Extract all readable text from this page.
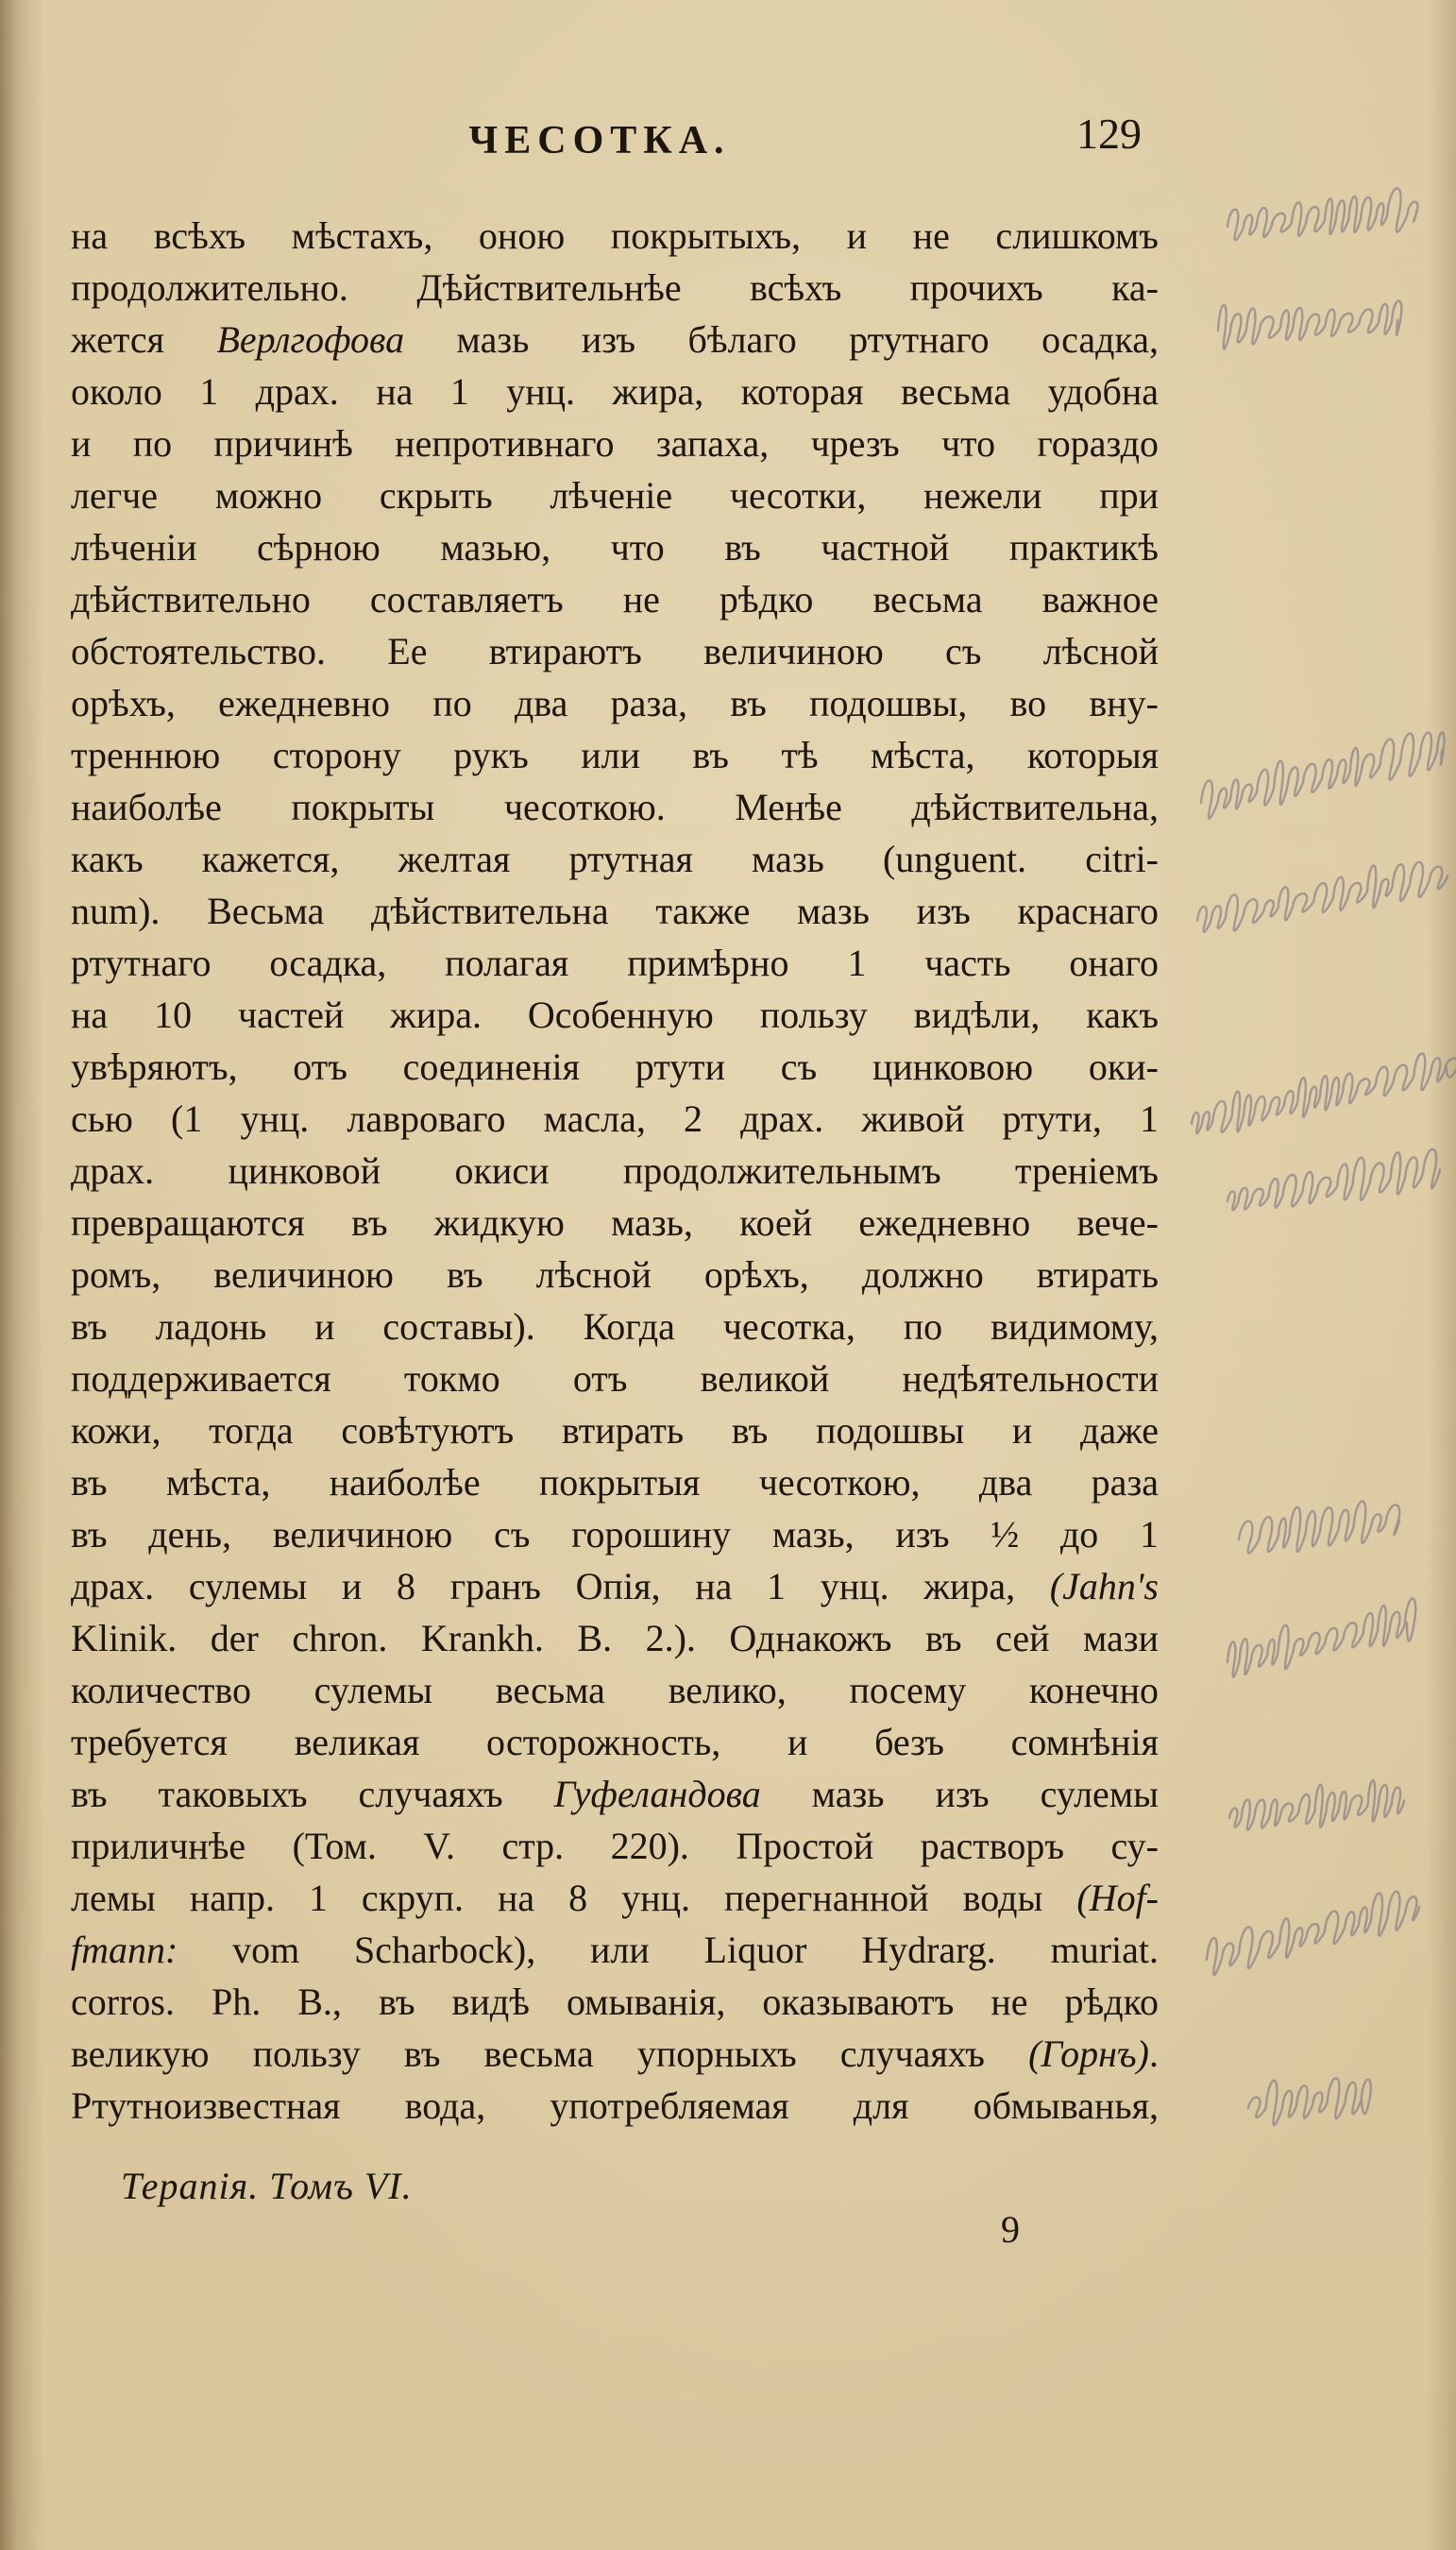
ЧЕСОТКА.	129
на всѣхъ мѣстахъ, оною покрытыхъ, и не слишкомъ
продолжительно. Дѣйствительнѣе всѣхъ прочихъ ка-
жется Верлгофова мазь изъ бѣлаго ртутнаго осадка,
около 1 драх. на 1 унц. жира, которая весьма удобна
и по причинѣ непротивнаго запаха, чрезъ что гораздо
легче можно скрыть лѣченіе чесотки, нежели при
лѣченіи сѣрною мазью, что въ частной практикѣ
дѣйствительно составляетъ не рѣдко весьма важное
обстоятельство. Ее втираютъ величиною съ лѣсной
орѣхъ, ежедневно по два раза, въ подошвы, во вну-
треннюю сторону рукъ или въ тѣ мѣста, которыя
наиболѣе покрыты чесоткою. Менѣе дѣйствительна,
какъ кажется, желтая ртутная мазь (unguent. citri-
num). Весьма дѣйствительна также мазь изъ краснаго
ртутнаго осадка, полагая примѣрно 1 часть онаго
на 10 частей жира. Особенную пользу видѣли, какъ
увѣряютъ, отъ соединенія ртути съ цинковою оки-
сью (1 унц. лавроваго масла, 2 драх. живой ртути, 1
драх. цинковой окиси продолжительнымъ треніемъ
превращаются въ жидкую мазь, коей ежедневно вече-
ромъ, величиною въ лѣсной орѣхъ, должно втирать
въ ладонь и составы). Когда чесотка, по видимому,
поддерживается токмо отъ великой недѣятельности
кожи, тогда совѣтуютъ втирать въ подошвы и даже
въ мѣста, наиболѣе покрытыя чесоткою, два раза
въ день, величиною съ горошину мазь, изъ ½ до 1
драх. сулемы и 8 гранъ Опія, на 1 унц. жира, (Jahn's
Klinik. der chron. Krankh. B. 2.). Однакожъ въ сей мази
количество сулемы весьма велико, посему конечно
требуется великая осторожность, и безъ сомнѣнія
въ таковыхъ случаяхъ Гуфеландова мазь изъ сулемы
приличнѣе (Том. V. стр. 220). Простой растворъ су-
лемы напр. 1 скруп. на 8 унц. перегнанной воды (Hof-
fmann: vom Scharbock), или Liquor Hydrarg. muriat.
corros. Ph. B., въ видѣ омыванія, оказываютъ не рѣдко
великую пользу въ весьма упорныхъ случаяхъ (Горнъ).
Ртутноизвестная вода, употребляемая для обмыванья,
Терапія. Томъ VI.
9
